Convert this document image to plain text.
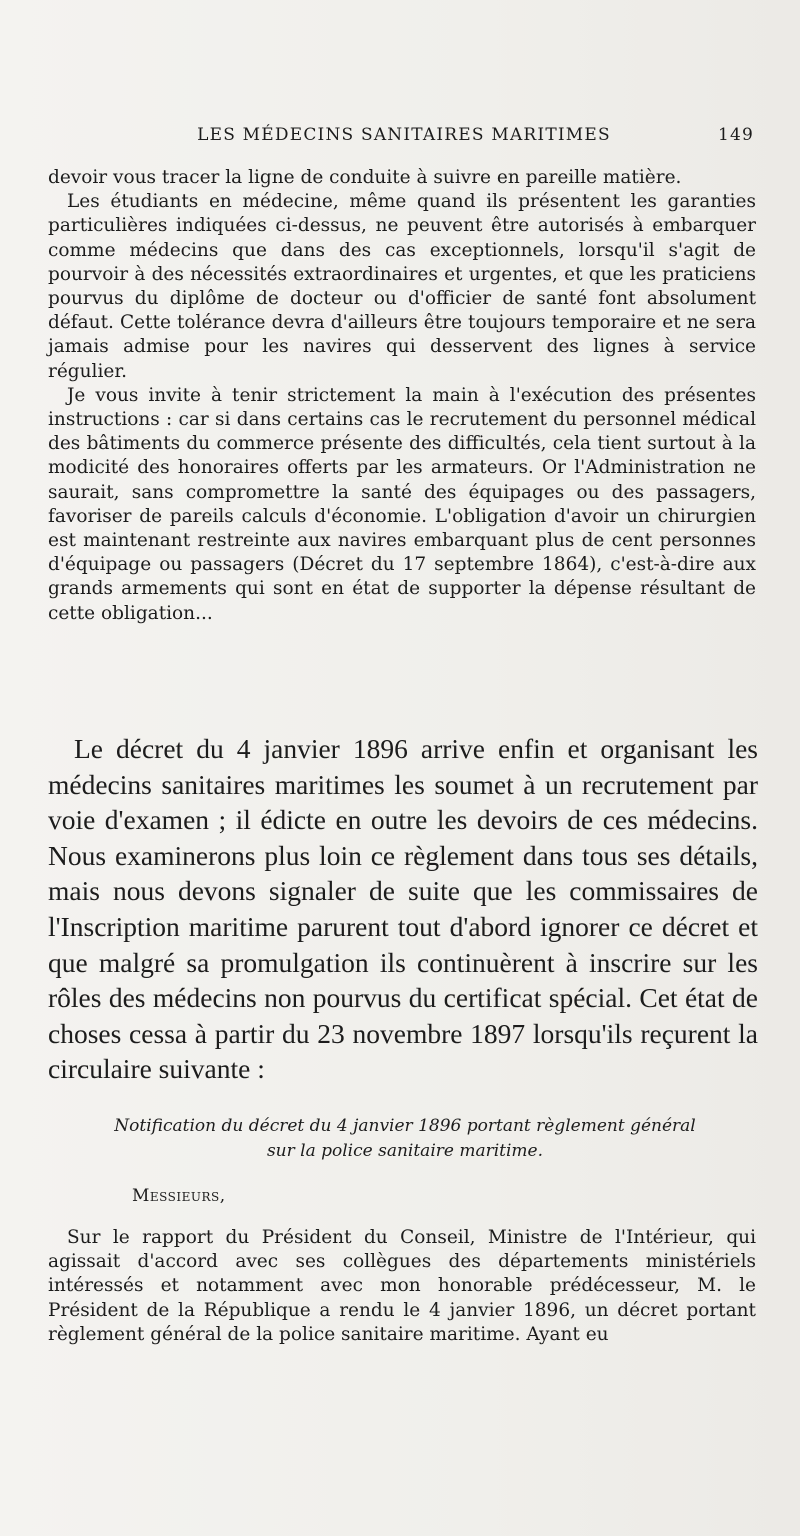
LES MÉDECINS SANITAIRES MARITIMES	149

devoir vous tracer la ligne de conduite à suivre en pareille matière.

Les étudiants en médecine, même quand ils présentent les garanties particulières indiquées ci-dessus, ne peuvent être autorisés à embarquer comme médecins que dans des cas exceptionnels, lorsqu'il s'agit de pourvoir à des nécessités extraordinaires et urgentes, et que les praticiens pourvus du diplôme de docteur ou d'officier de santé font absolument défaut. Cette tolérance devra d'ailleurs être toujours temporaire et ne sera jamais admise pour les navires qui desservent des lignes à service régulier.

Je vous invite à tenir strictement la main à l'exécution des présentes instructions : car si dans certains cas le recrutement du personnel médical des bâtiments du commerce présente des difficultés, cela tient surtout à la modicité des honoraires offerts par les armateurs. Or l'Administration ne saurait, sans compromettre la santé des équipages ou des passagers, favoriser de pareils calculs d'économie. L'obligation d'avoir un chirurgien est maintenant restreinte aux navires embarquant plus de cent personnes d'équipage ou passagers (Décret du 17 septembre 1864), c'est-à-dire aux grands armements qui sont en état de supporter la dépense résultant de cette obligation...

Le décret du 4 janvier 1896 arrive enfin et organisant les médecins sanitaires maritimes les soumet à un recrutement par voie d'examen ; il édicte en outre les devoirs de ces médecins. Nous examinerons plus loin ce règlement dans tous ses détails, mais nous devons signaler de suite que les commissaires de l'Inscription maritime parurent tout d'abord ignorer ce décret et que malgré sa promulgation ils continuèrent à inscrire sur les rôles des médecins non pourvus du certificat spécial. Cet état de choses cessa à partir du 23 novembre 1897 lorsqu'ils reçurent la circulaire suivante :

Notification du décret du 4 janvier 1896 portant règlement général
sur la police sanitaire maritime.
Messieurs,

Sur le rapport du Président du Conseil, Ministre de l'Intérieur, qui agissait d'accord avec ses collègues des départements ministériels intéressés et notamment avec mon honorable prédécesseur, M. le Président de la République a rendu le 4 janvier 1896, un décret portant règlement général de la police sanitaire maritime. Ayant eu
